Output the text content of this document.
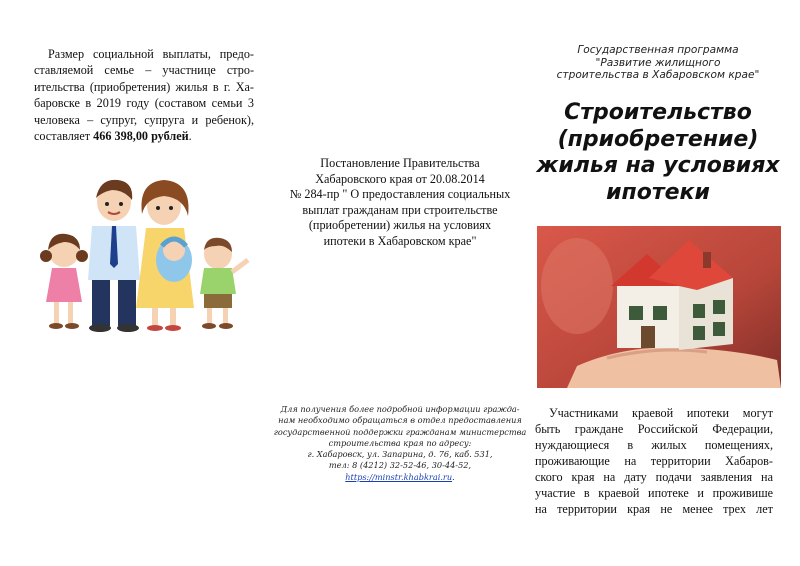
Размер социальной выплаты, предо-ставляемой семье – участнице стро-ительства (приобретения) жилья в г. Ха-баровске в 2019 году (составом семьи 3 человека – супруг, супруга и ребенок), составляет 466 398,00 рублей.

Постановление Правительства
Хабаровского края от 20.08.2014
№ 284-пр " О предоставления социальных
выплат гражданам при строительстве
(приобретении) жилья на условиях
ипотеки в Хабаровском крае"
Для получения более подробной информации гражда-
нам необходимо обращаться в отдел предоставления
государственной поддержки гражданам министерства
строительства края по адресу:
г. Хабаровск, ул. Запарина, д. 76, каб. 531,
тел: 8 (4212) 32-52-46, 30-44-52,
https://minstr.khabkrai.ru.
Государственная программа
"Развитие жилищного
строительства в Хабаровском крае"
Строительство
(приобретение)
жилья на условиях
ипотеки
Участниками краевой ипотеки могут
быть граждане Российской Федерации,
нуждающиеся в жилых помещениях,
проживающие на территории Хабаров-
ского края на дату подачи заявления на
участие в краевой ипотеке и проживише
на территории края не менее трех лет
